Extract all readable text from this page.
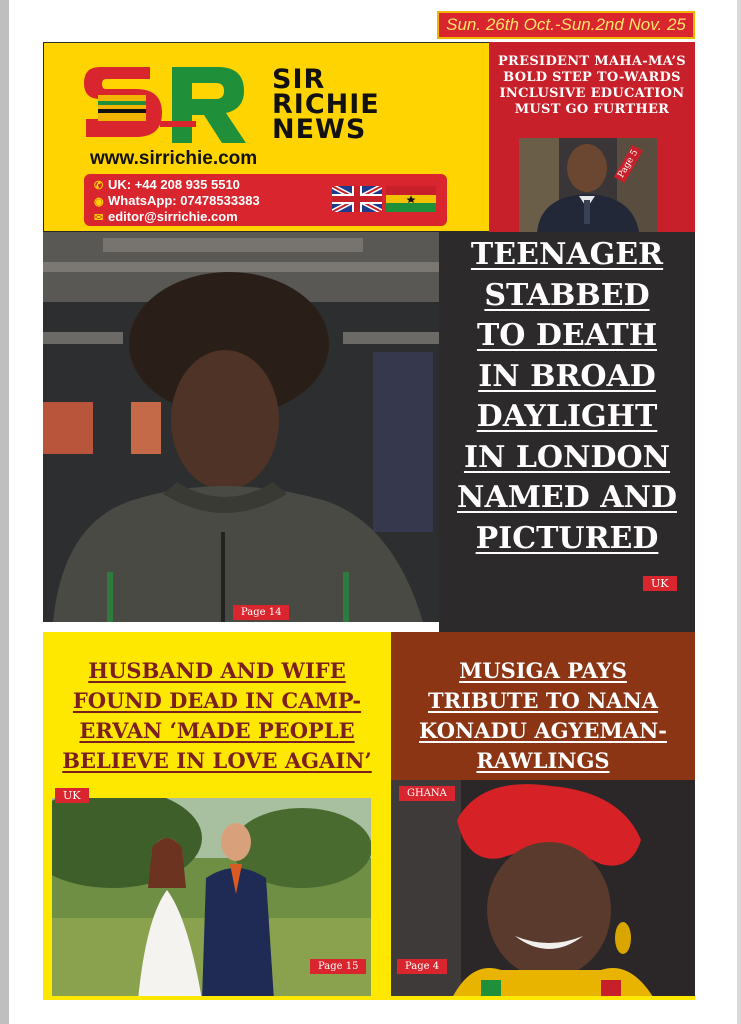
Sun. 26th Oct.-Sun.2nd Nov. 25
SIR
RICHIE
NEWS
www.sirrichie.com
✆ UK: +44 208 935 5510
◉ WhatsApp: 07478533383
✉ editor@sirrichie.com
PRESIDENT MAHA-MA’S BOLD STEP TO-WARDS INCLUSIVE EDUCATION MUST GO FURTHER
Page 5
Page 14
TEENAGER
STABBED
TO DEATH
IN BROAD
DAYLIGHT
IN LONDON
NAMED AND
PICTURED
UK
HUSBAND AND WIFE
FOUND DEAD IN CAMP-
ERVAN ‘MADE PEOPLE
BELIEVE IN LOVE AGAIN’
UK
Page 15
MUSIGA PAYS
TRIBUTE TO NANA
KONADU AGYEMAN-
RAWLINGS
GHANA
Page 4
